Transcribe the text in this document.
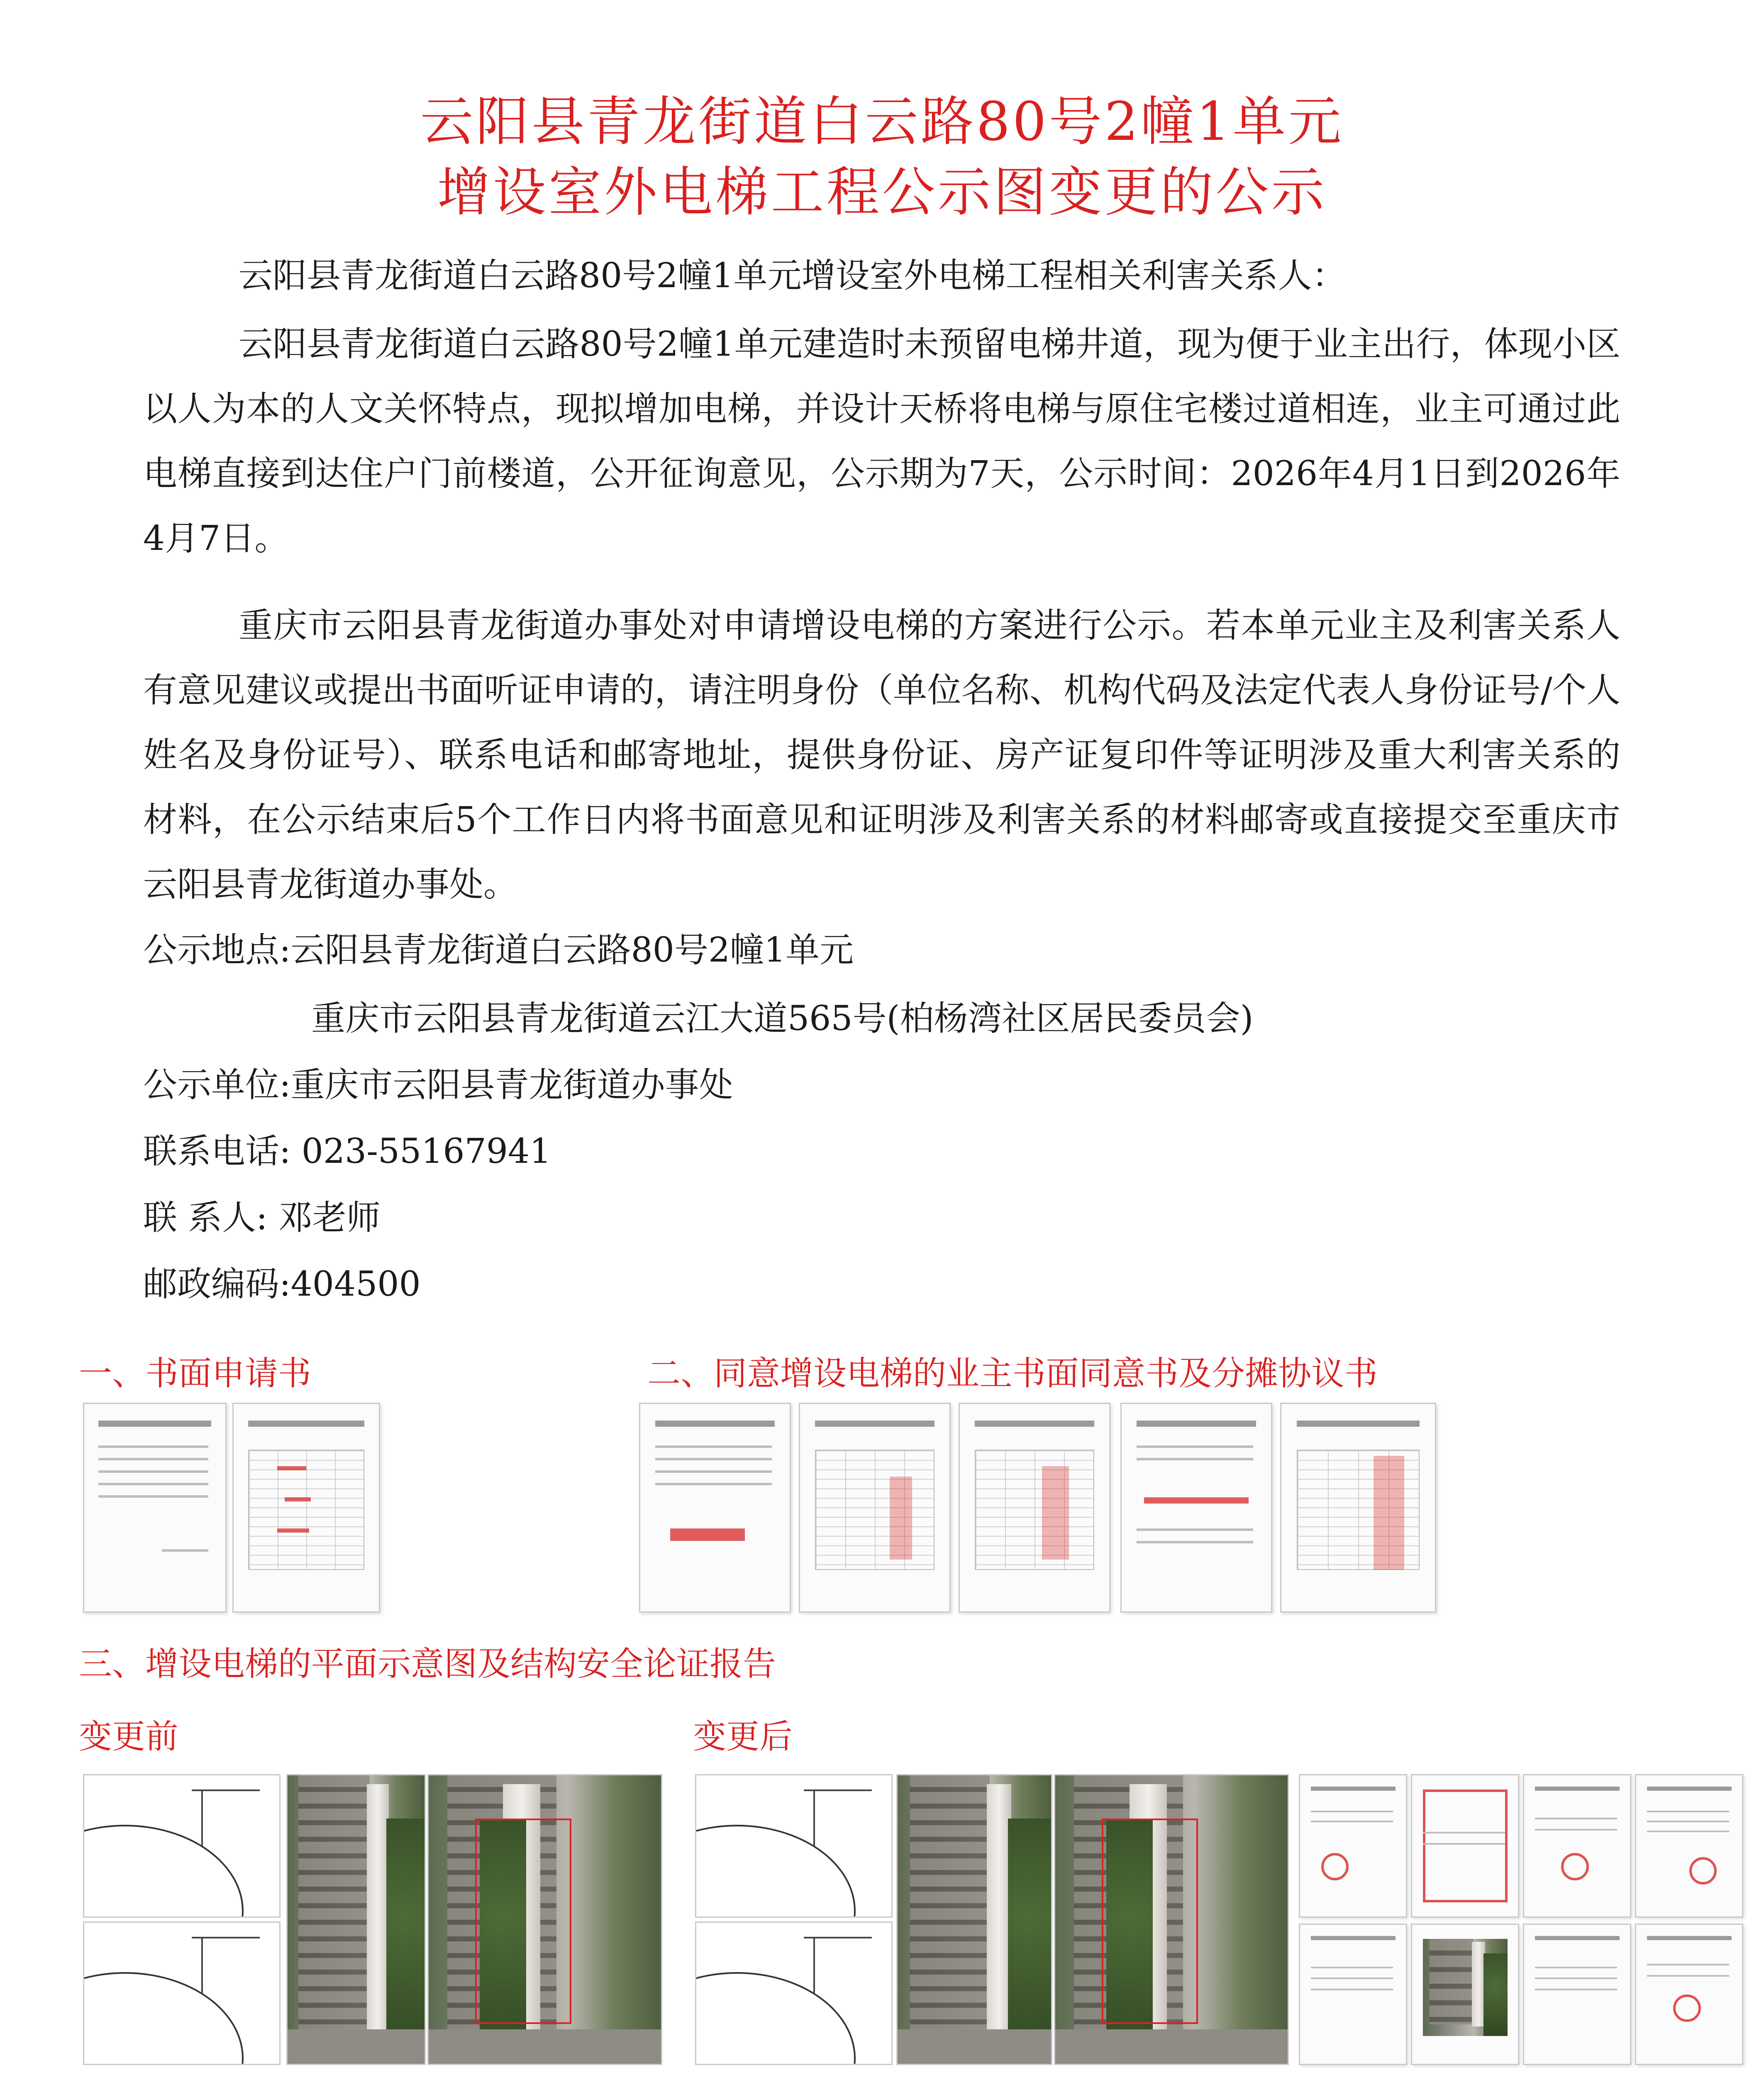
云阳县青龙街道白云路80号2幢1单元
增设室外电梯工程公示图变更的公示
云阳县青龙街道白云路80号2幢1单元增设室外电梯工程相关利害关系人：
云阳县青龙街道白云路80号2幢1单元建造时未预留电梯井道，现为便于业主出行，体现小区以人为本的人文关怀特点，现拟增加电梯，并设计天桥将电梯与原住宅楼过道相连，业主可通过此电梯直接到达住户门前楼道，公开征询意见，公示期为7天，公示时间：2026年4月1日到2026年4月7日。
重庆市云阳县青龙街道办事处对申请增设电梯的方案进行公示。若本单元业主及利害关系人有意见建议或提出书面听证申请的，请注明身份（单位名称、机构代码及法定代表人身份证号/个人姓名及身份证号）、联系电话和邮寄地址，提供身份证、房产证复印件等证明涉及重大利害关系的材料，在公示结束后5个工作日内将书面意见和证明涉及利害关系的材料邮寄或直接提交至重庆市云阳县青龙街道办事处。
公示地点:云阳县青龙街道白云路80号2幢1单元
重庆市云阳县青龙街道云江大道565号(柏杨湾社区居民委员会)
公示单位:重庆市云阳县青龙街道办事处
联系电话: 023-55167941
联 系人: 邓老师
邮政编码:404500
一、书面申请书	二、同意增设电梯的业主书面同意书及分摊协议书
三、增设电梯的平面示意图及结构安全论证报告
变更前	变更后
